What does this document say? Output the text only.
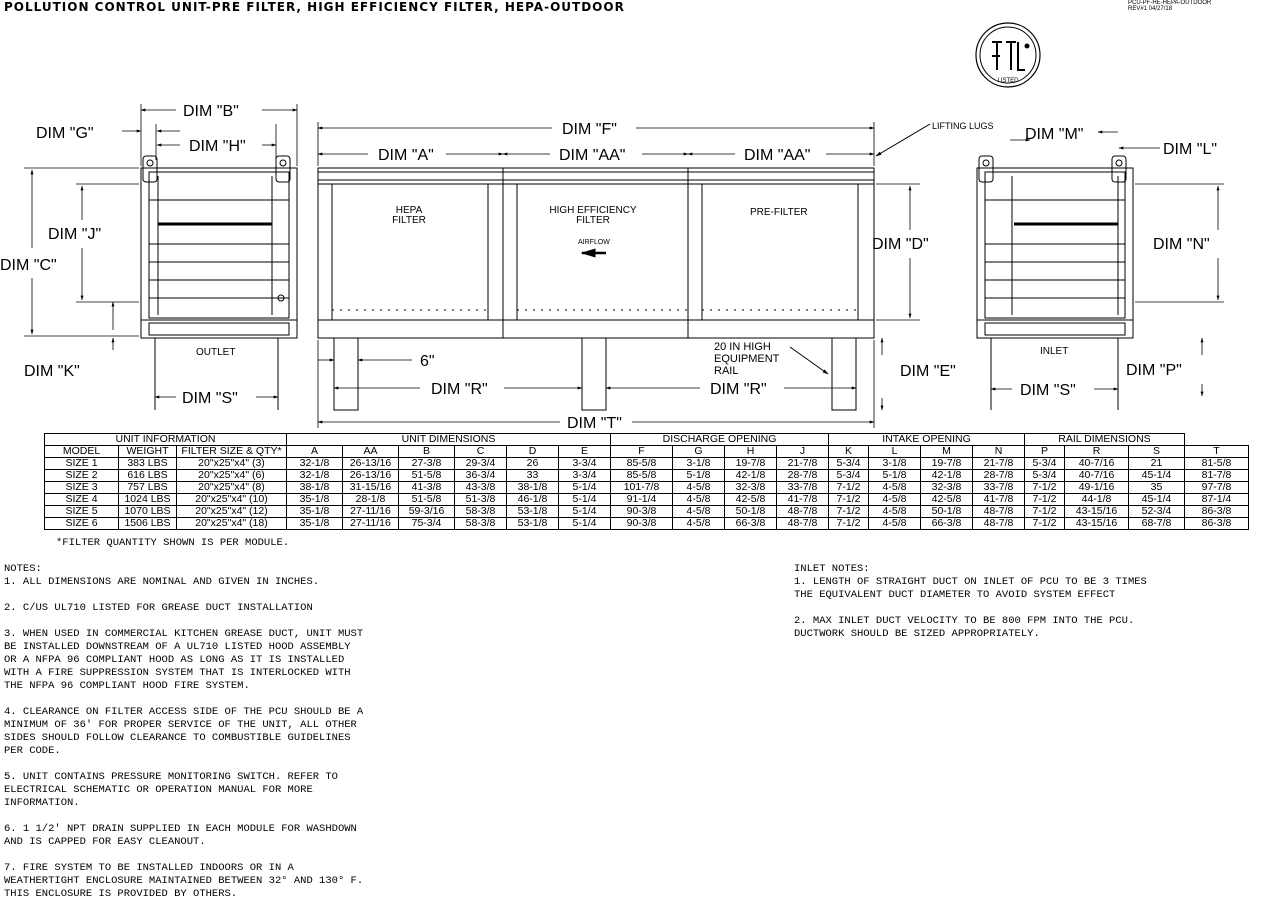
POLLUTION CONTROL UNIT-PRE FILTER, HIGH EFFICIENCY FILTER, HEPA-OUTDOOR	PCU-PF-HE-HEPA-OUTDOOR
REV#1 04/27/18
LISTED
DIM "B"
DIM "G"
DIM "H"
DIM "J"
DIM "C"
DIM "K"
DIM "S"
DIM "F"
DIM "A"	DIM "AA"	DIM "AA"
DIM "D"
6"
DIM "R"	DIM "R"
DIM "E"
DIM "T"
DIM "M"
DIM "L"
DIM "N"
DIM "P"
DIM "S"
OUTLET	INLET
LIFTING LUGS
PRE-FILTER
AIRFLOW
HEPA FILTER
HIGH EFFICIENCY FILTER
20 IN HIGH EQUIPMENT RAIL
UNIT INFORMATION			UNIT DIMENSIONS						DISCHARGE OPENING				INTAKE OPENING				RAIL DIMENSIONS			
MODEL	WEIGHT	FILTER SIZE & QTY*	A	AA	B	C	D	E	F	G	H	J	K	L	M	N	P	R	S	T
SIZE 1	383 LBS	20"x25"x4" (3)	32-1/8	26-13/16	27-3/8	29-3/4	26	3-3/4	85-5/8	3-1/8	19-7/8	21-7/8	5-3/4	3-1/8	19-7/8	21-7/8	5-3/4	40-7/16	21	81-5/8
SIZE 2	616 LBS	20"x25"x4" (6)	32-1/8	26-13/16	51-5/8	36-3/4	33	3-3/4	85-5/8	5-1/8	42-1/8	28-7/8	5-3/4	5-1/8	42-1/8	28-7/8	5-3/4	40-7/16	45-1/4	81-7/8
SIZE 3	757 LBS	20"x25"x4" (8)	38-1/8	31-15/16	41-3/8	43-3/8	38-1/8	5-1/4	101-7/8	4-5/8	32-3/8	33-7/8	7-1/2	4-5/8	32-3/8	33-7/8	7-1/2	49-1/16	35	97-7/8
SIZE 4	1024 LBS	20"x25"x4" (10)	35-1/8	28-1/8	51-5/8	51-3/8	46-1/8	5-1/4	91-1/4	4-5/8	42-5/8	41-7/8	7-1/2	4-5/8	42-5/8	41-7/8	7-1/2	44-1/8	45-1/4	87-1/4
SIZE 5	1070 LBS	20"x25"x4" (12)	35-1/8	27-11/16	59-3/16	58-3/8	53-1/8	5-1/4	90-3/8	4-5/8	50-1/8	48-7/8	7-1/2	4-5/8	50-1/8	48-7/8	7-1/2	43-15/16	52-3/4	86-3/8
SIZE 6	1506 LBS	20"x25"x4" (18)	35-1/8	27-11/16	75-3/4	58-3/8	53-1/8	5-1/4	90-3/8	4-5/8	66-3/8	48-7/8	7-1/2	4-5/8	66-3/8	48-7/8	7-1/2	43-15/16	68-7/8	86-3/8
*FILTER QUANTITY SHOWN IS PER MODULE.
NOTES:
1. ALL DIMENSIONS ARE NOMINAL AND GIVEN IN INCHES.

2. C/US UL710 LISTED FOR GREASE DUCT INSTALLATION

3. WHEN USED IN COMMERCIAL KITCHEN GREASE DUCT, UNIT MUST
BE INSTALLED DOWNSTREAM OF A UL710 LISTED HOOD ASSEMBLY
OR A NFPA 96 COMPLIANT HOOD AS LONG AS IT IS INSTALLED
WITH A FIRE SUPPRESSION SYSTEM THAT IS INTERLOCKED WITH
THE NFPA 96 COMPLIANT HOOD FIRE SYSTEM.

4. CLEARANCE ON FILTER ACCESS SIDE OF THE PCU SHOULD BE A
MINIMUM OF 36' FOR PROPER SERVICE OF THE UNIT, ALL OTHER
SIDES SHOULD FOLLOW CLEARANCE TO COMBUSTIBLE GUIDELINES
PER CODE.

5. UNIT CONTAINS PRESSURE MONITORING SWITCH. REFER TO
ELECTRICAL SCHEMATIC OR OPERATION MANUAL FOR MORE
INFORMATION.

6. 1 1/2' NPT DRAIN SUPPLIED IN EACH MODULE FOR WASHDOWN
AND IS CAPPED FOR EASY CLEANOUT.

7. FIRE SYSTEM TO BE INSTALLED INDOORS OR IN A
WEATHERTIGHT ENCLOSURE MAINTAINED BETWEEN 32° AND 130° F.
THIS ENCLOSURE IS PROVIDED BY OTHERS.
INLET NOTES:
1. LENGTH OF STRAIGHT DUCT ON INLET OF PCU TO BE 3 TIMES
THE EQUIVALENT DUCT DIAMETER TO AVOID SYSTEM EFFECT

2. MAX INLET DUCT VELOCITY TO BE 800 FPM INTO THE PCU.
DUCTWORK SHOULD BE SIZED APPROPRIATELY.
